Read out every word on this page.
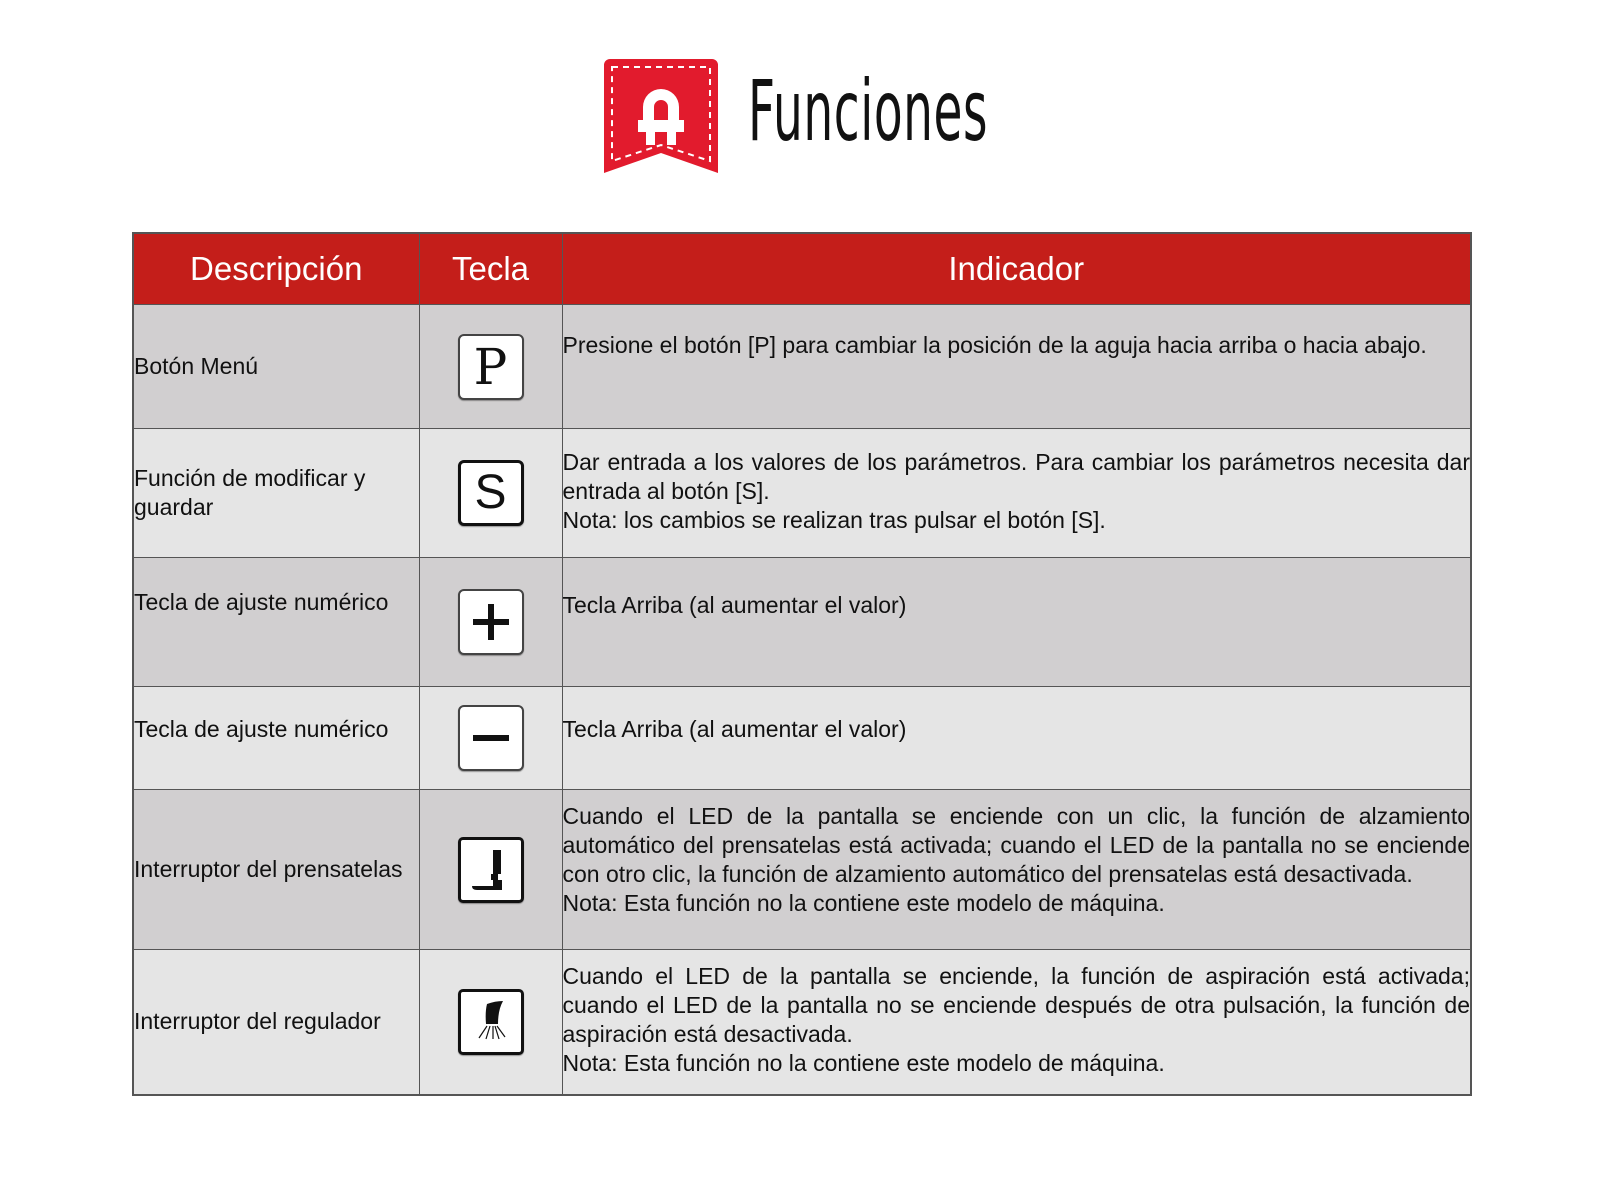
Funciones
Descripción	Tecla	Indicador
Botón Menú	P	Presione el botón [P] para cambiar la posición de la aguja hacia arriba o hacia abajo.

Función de modificar y guardar	S	Dar entrada a los valores de los parámetros. Para cambiar los parámetros necesita dar entrada al botón [S].
Nota: los cambios se realizan tras pulsar el botón [S].

Tecla de ajuste numérico		Tecla Arriba (al aumentar el valor)

Tecla de ajuste numérico		Tecla Arriba (al aumentar el valor)

Interruptor del prensatelas		Cuando el LED de la pantalla se enciende con un clic, la función de alzamiento automático del prensatelas está activada; cuando el LED de la pantalla no se enciende con otro clic, la función de alzamiento automático del prensatelas está desactivada.
Nota: Esta función no la contiene este modelo de máquina.

Interruptor del regulador		Cuando el LED de la pantalla se enciende, la función de aspiración está activada; cuando el LED de la pantalla no se enciende después de otra pulsación, la función de aspiración está desactivada.
Nota: Esta función no la contiene este modelo de máquina.
